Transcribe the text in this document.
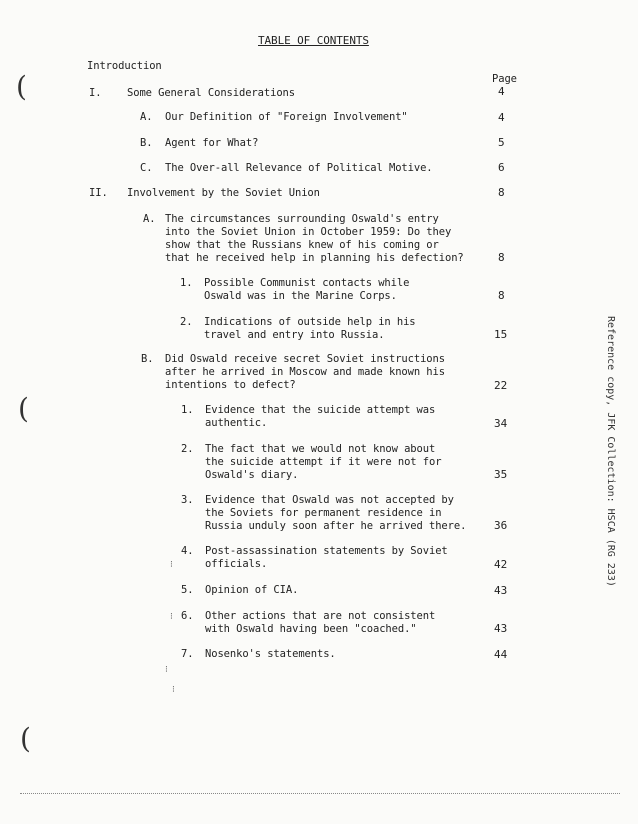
(
(
(
TABLE OF CONTENTS
Introduction
Page
I. Some General Considerations	4
A. Our Definition of "Foreign Involvement"	4
B. Agent for What?	5
C. The Over-all Relevance of Political Motive.	6
II. Involvement by the Soviet Union	8
A. The circumstances surrounding Oswald's entry
into the Soviet Union in October 1959: Do they
show that the Russians knew of his coming or
that he received help in planning his defection?	8
1. Possible Communist contacts while
Oswald was in the Marine Corps.	8
2. Indications of outside help in his
travel and entry into Russia.	15
B. Did Oswald receive secret Soviet instructions
after he arrived in Moscow and made known his
intentions to defect?	22
1. Evidence that the suicide attempt was
authentic.	34
2. The fact that we would not know about
the suicide attempt if it were not for
Oswald's diary.	35
3. Evidence that Oswald was not accepted by
the Soviets for permanent residence in
Russia unduly soon after he arrived there.	36
4. Post-assassination statements by Soviet
officials.	42
5. Opinion of CIA.	43
6. Other actions that are not consistent
with Oswald having been "coached."	43
7. Nosenko's statements.	44
⁝
⁝
⁝
⁝
Reference copy, JFK Collection: HSCA (RG 233)
